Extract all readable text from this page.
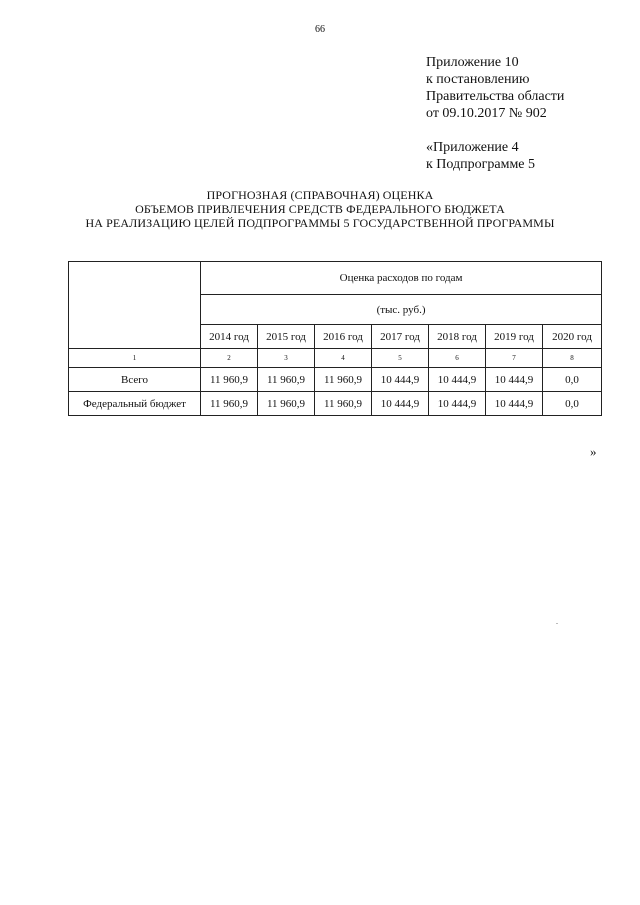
66
Приложение 10
к постановлению
Правительства области
от 09.10.2017 № 902
«Приложение 4
к Подпрограмме 5
ПРОГНОЗНАЯ (СПРАВОЧНАЯ) ОЦЕНКА
ОБЪЕМОВ ПРИВЛЕЧЕНИЯ СРЕДСТВ ФЕДЕРАЛЬНОГО БЮДЖЕТА
НА РЕАЛИЗАЦИЮ ЦЕЛЕЙ ПОДПРОГРАММЫ 5 ГОСУДАРСТВЕННОЙ ПРОГРАММЫ
	Оценка расходов по годам						
	(тыс. руб.)						
	2014 год	2015 год	2016 год	2017 год	2018 год	2019 год	2020 год
1	2	3	4	5	6	7	8
Всего	11 960,9	11 960,9	11 960,9	10 444,9	10 444,9	10 444,9	0,0
Федеральный бюджет	11 960,9	11 960,9	11 960,9	10 444,9	10 444,9	10 444,9	0,0
»
